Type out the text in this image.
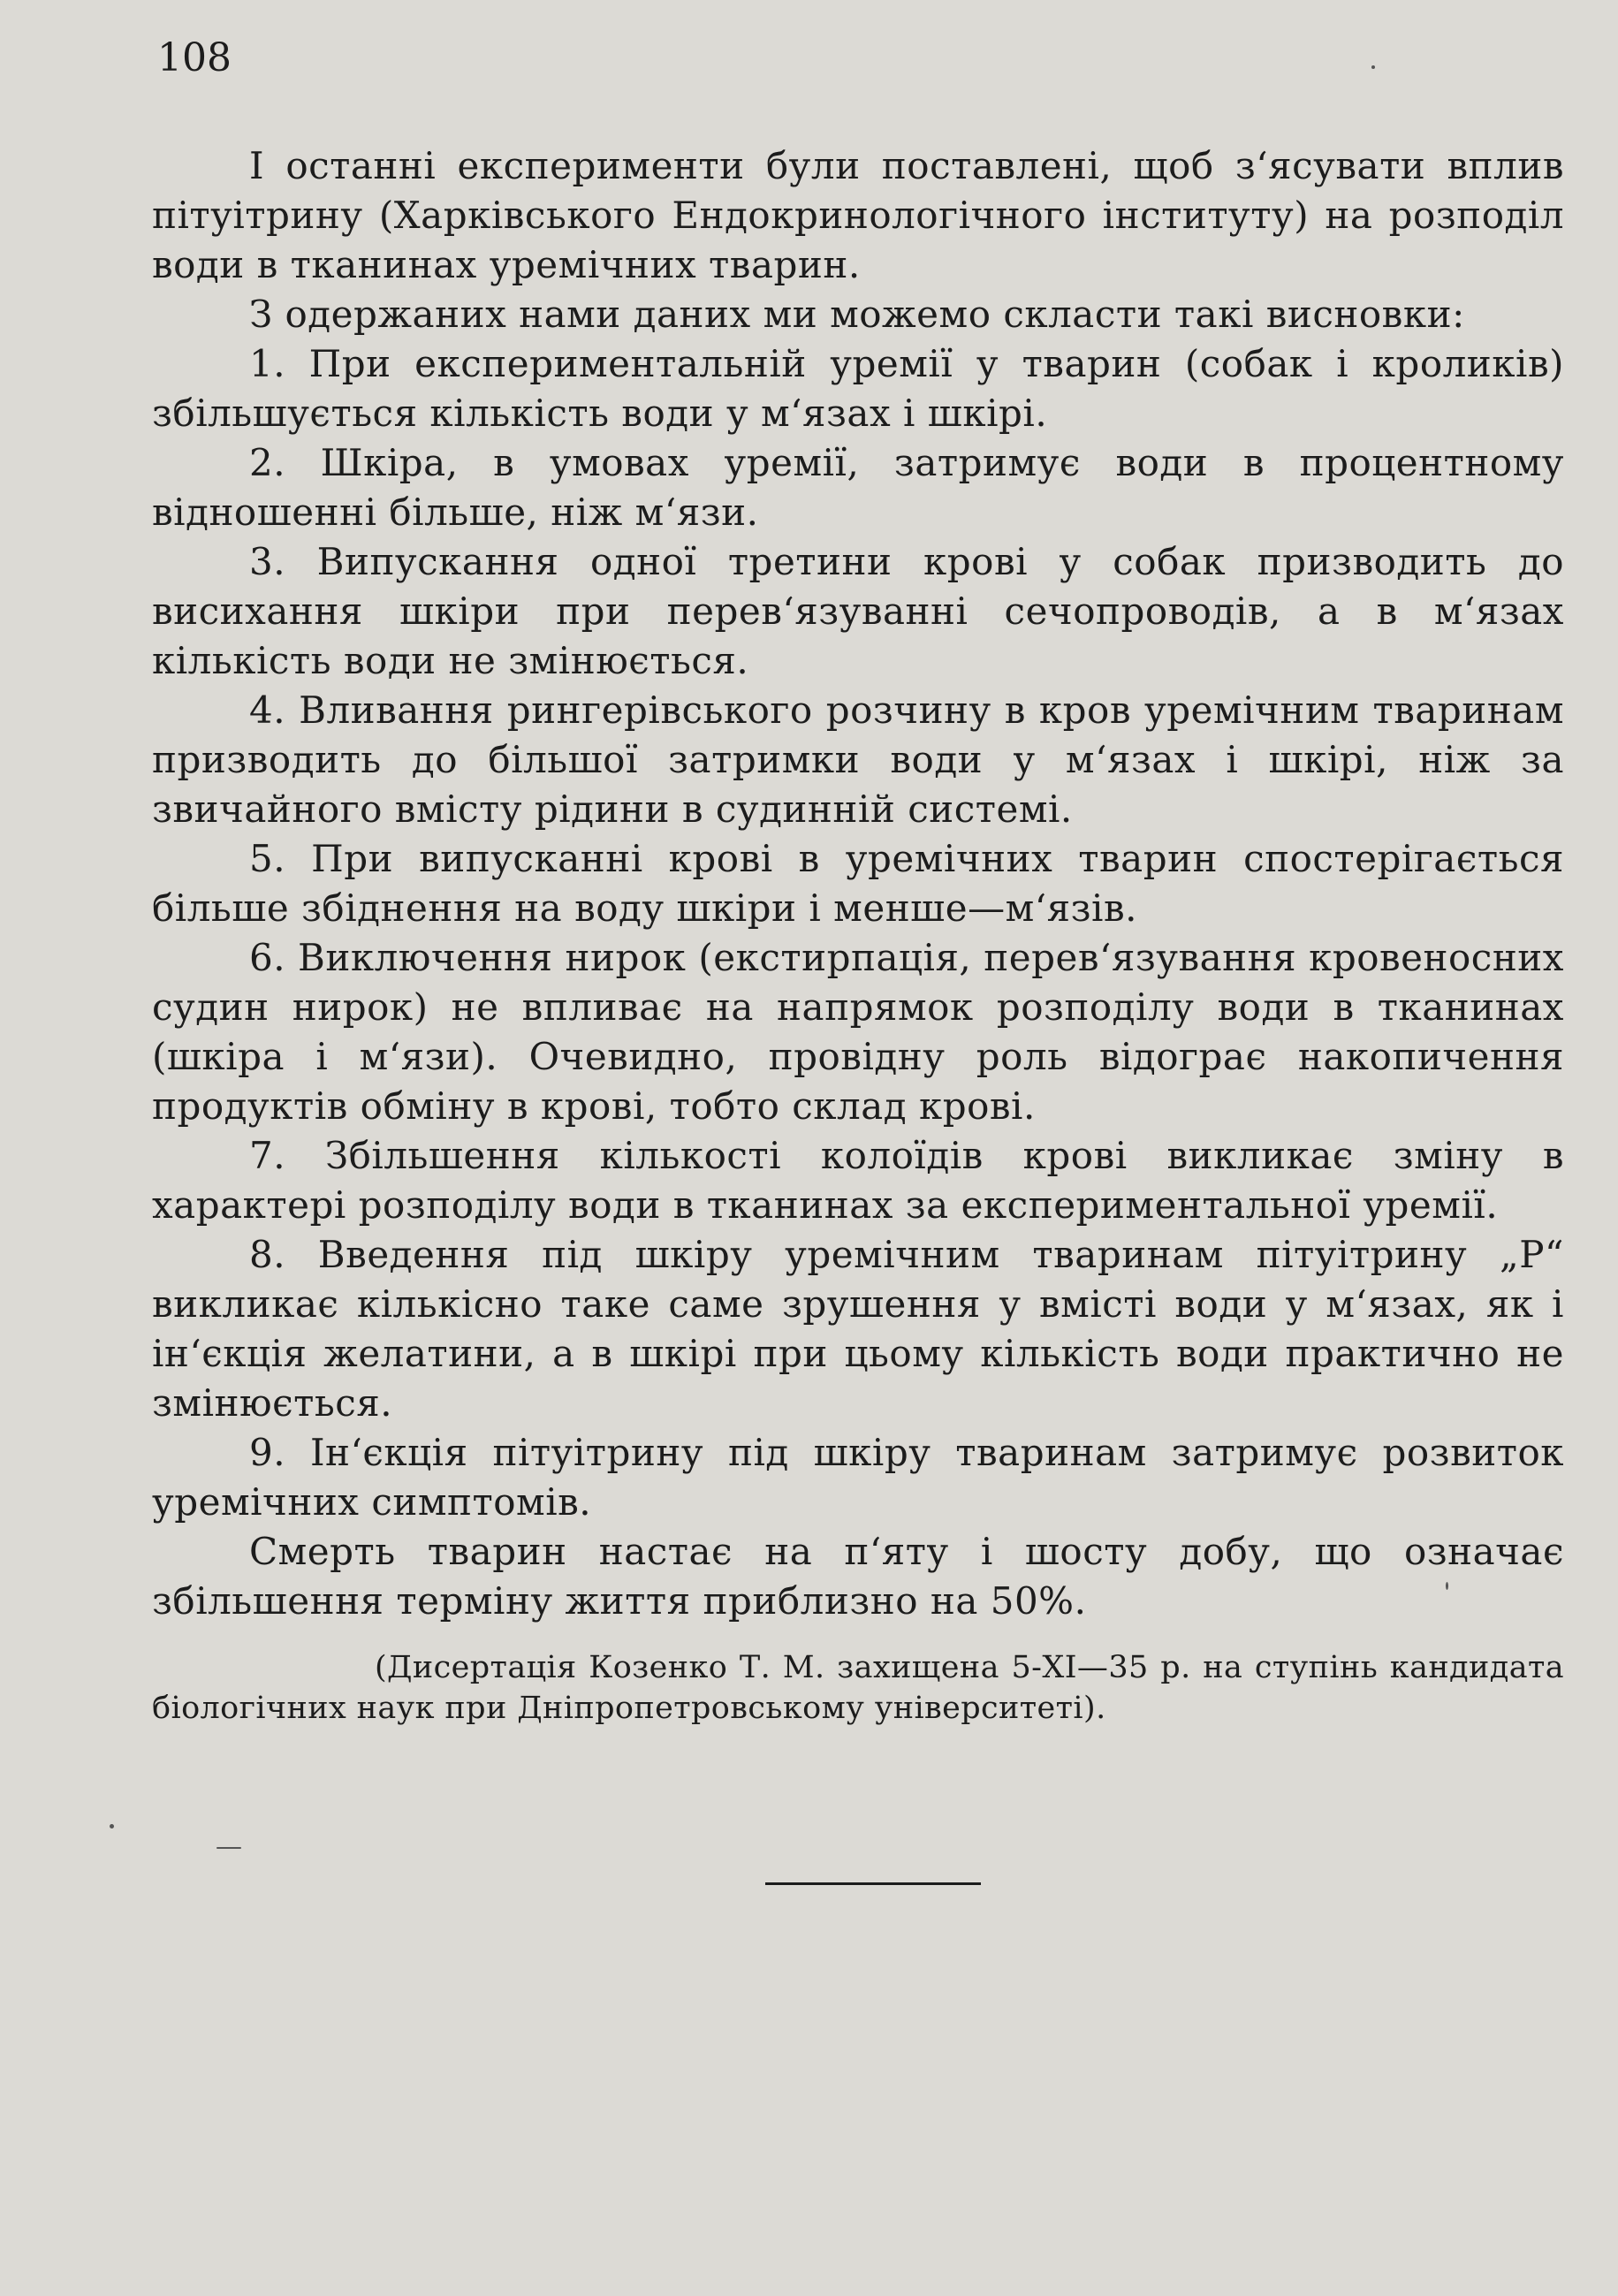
108

І останні експерименти були поставлені, щоб з‘ясувати вплив пітуітрину (Харківського Ендокринологічного інституту) на розподіл води в тканинах уремічних тварин.

З одержаних нами даних ми можемо скласти такі висновки:

1. При експериментальній уремії у тварин (собак і кроликів) збільшується кількість води у м‘язах і шкірі.

2. Шкіра, в умовах уремії, затримує води в процентному відношенні більше, ніж м‘язи.

3. Випускання одної третини крові у собак призводить до висихання шкіри при перев‘язуванні сечопроводів, а в м‘язах кількість води не змінюється.

4. Вливання рингерівського розчину в кров уремічним тваринам призводить до більшої затримки води у м‘язах і шкірі, ніж за звичайного вмісту рідини в судинній системі.

5. При випусканні крові в уремічних тварин спостерігається більше збіднення на воду шкіри і менше—м‘язів.

6. Виключення нирок (екстирпація, перев‘язування кровеносних судин нирок) не впливає на напрямок розподілу води в тканинах (шкіра і м‘язи). Очевидно, провідну роль відограє накопичення продуктів обміну в крові, тобто склад крові.

7. Збільшення кількості колоїдів крові викликає зміну в характері розподілу води в тканинах за експериментальної уремії.

8. Введення під шкіру уремічним тваринам пітуітрину „Р“ викликає кількісно таке саме зрушення у вмісті води у м‘язах, як і ін‘єкція желатини, а в шкірі при цьому кількість води практично не змінюється.

9. Ін‘єкція пітуітрину під шкіру тваринам затримує розвиток уремічних симптомів.

Смерть тварин настає на п‘яту і шосту добу, що означає збільшення терміну життя приблизно на 50%.

(Дисертація Козенко Т. М. захищена 5-ХІ—35 р. на ступінь кандидата біологічних наук при Дніпропетровському університеті).
